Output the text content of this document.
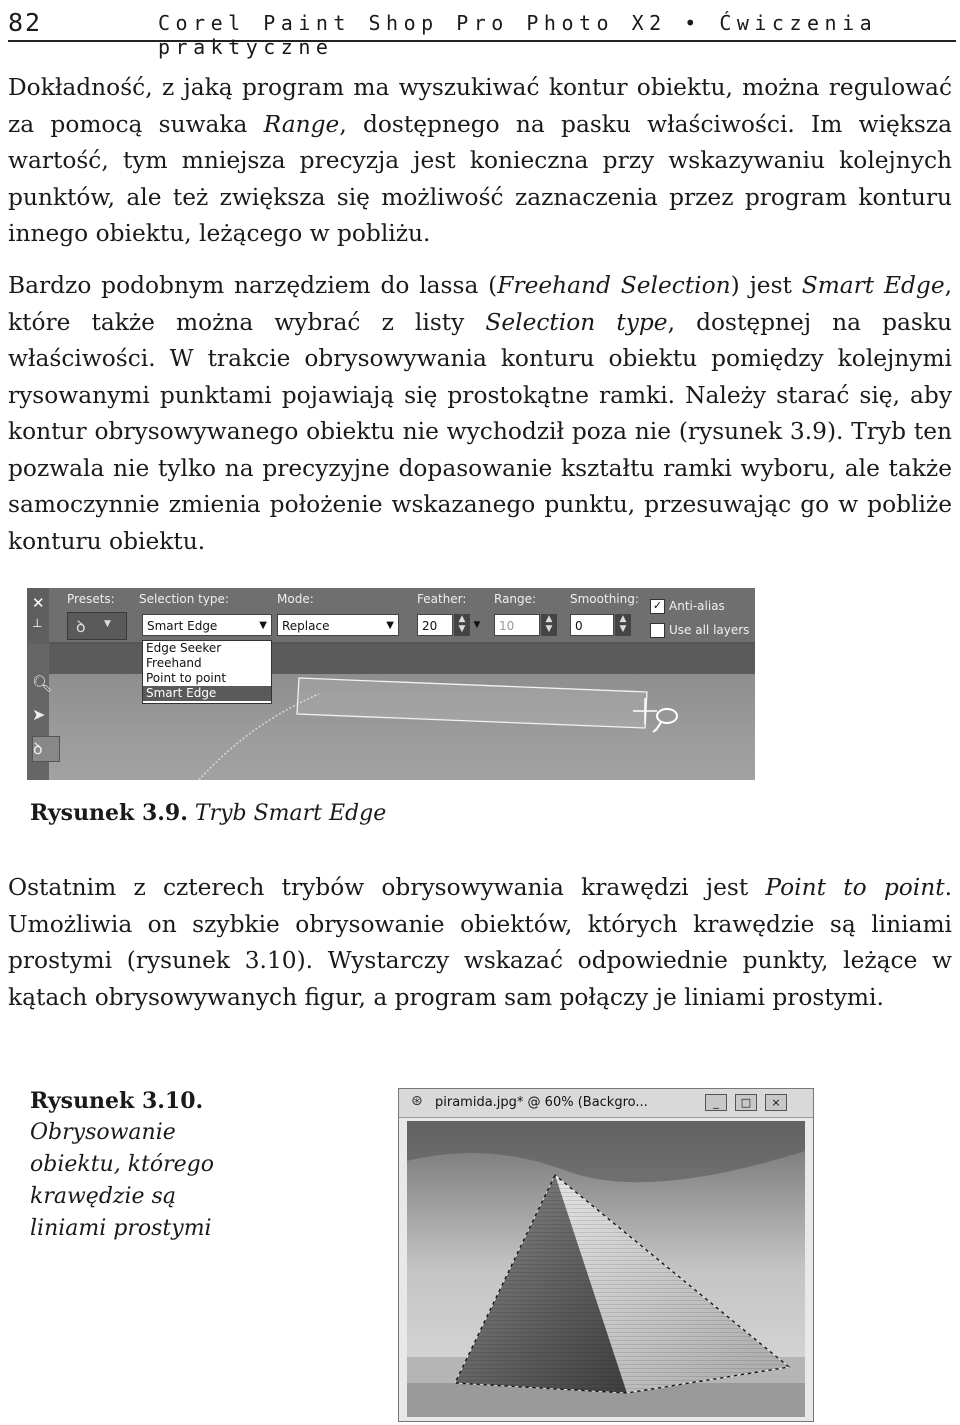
82	Corel Paint Shop Pro Photo X2 • Ćwiczenia praktyczne

Dokładność, z jaką program ma wyszukiwać kontur obiektu, można regulować za pomocą suwaka Range, dostępnego na pasku właściwości. Im większa wartość, tym mniejsza precyzja jest konieczna przy wskazywaniu kolejnych punktów, ale też zwiększa się możliwość zaznaczenia przez program konturu innego obiektu, leżącego w pobliżu.

Bardzo podobnym narzędziem do lassa (Freehand Selection) jest Smart Edge, które także można wybrać z listy Selection type, dostępnej na pasku właściwości. W trakcie obrysowywania konturu obiektu pomiędzy kolejnymi rysowanymi punktami pojawiają się prostokątne ramki. Należy starać się, aby kontur obrysowywanego obiektu nie wychodził poza nie (rysunek 3.9). Tryb ten pozwala nie tylko na precyzyjne dopasowanie kształtu ramki wyboru, ale także samoczynnie zmienia położenie wskazanego punktu, przesuwając go w pobliże konturu obiektu.

Presets:
ꝺ ▼
Selection type:
Smart Edge	▼
Mode:
Replace	▼
Feather:
20	▲
▼ ▼
Range:
10	▲
▼
Smoothing:
0	▲
▼
✓ Anti-alias
Use all layers
✕
⊥
🔍︎
➤
ꝺ
Edge Seeker
Freehand
Point to point
Smart Edge
Rysunek 3.9. Tryb Smart Edge

Ostatnim z czterech trybów obrysowywania krawędzi jest Point to point. Umożliwia on szybkie obrysowanie obiektów, których krawędzie są liniami prostymi (rysunek 3.10). Wystarczy wskazać odpowiednie punkty, leżące w kątach obrysowywanych figur, a program sam połączy je liniami prostymi.

Rysunek 3.10.
Obrysowanie obiektu, którego krawędzie są liniami prostymi
⊛ piramida.jpg* @ 60% (Backgro...	_	□	×
